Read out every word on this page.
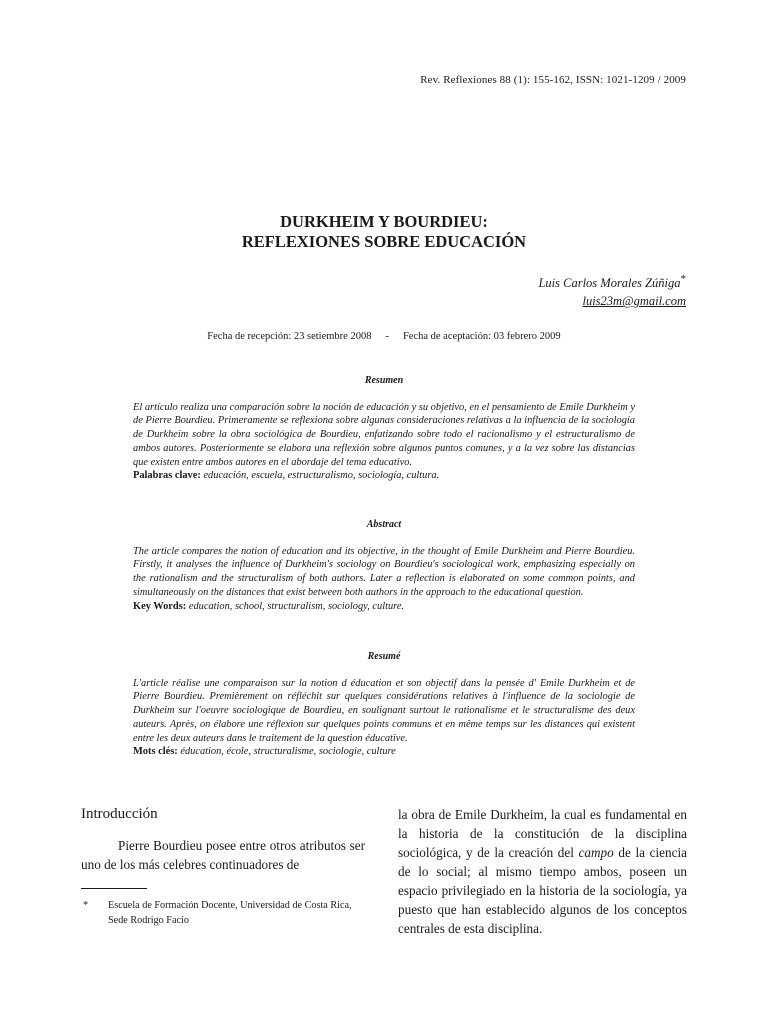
Rev. Reflexiones 88 (1): 155-162, ISSN: 1021-1209 / 2009
DURKHEIM Y BOURDIEU:
REFLEXIONES SOBRE EDUCACIÓN
Luis Carlos Morales Zúñiga*
luis23m@gmail.com
Fecha de recepción: 23 setiembre 2008 - Fecha de aceptación: 03 febrero 2009
Resumen

El artículo realiza una comparación sobre la noción de educación y su objetivo, en el pensamiento de Emile Durkheim y de Pierre Bourdieu. Primeramente se reflexiona sobre algunas consideraciones relativas a la influencia de la sociología de Durkheim sobre la obra sociológica de Bourdieu, enfatizando sobre todo el racionalismo y el estructuralismo de ambos autores. Posteriormente se elabora una reflexión sobre algunos puntos comunes, y a la vez sobre las distancias que existen entre ambos autores en el abordaje del tema educativo.

Palabras clave: educación, escuela, estructuralismo, sociología, cultura.

Abstract

The article compares the notion of education and its objective, in the thought of Emile Durkheim and Pierre Bourdieu. Firstly, it analyses the influence of Durkheim's sociology on Bourdieu's sociological work, emphasizing especially on the rationalism and the structuralism of both authors. Later a reflection is elaborated on some common points, and simultaneously on the distances that exist between both authors in the approach to the educational question.

Key Words: education, school, structuralism, sociology, culture.

Resumé

L'article réalise une comparaison sur la notion d éducation et son objectif dans la pensée d' Emile Durkheim et de Pierre Bourdieu. Premièrement on réfléchit sur quelques considérations relatives à l'influence de la sociologie de Durkheim sur l'oeuvre sociologique de Bourdieu, en soulignant surtout le rationalisme et le structuralisme des deux auteurs. Après, on élabore une réflexion sur quelques points communs et en même temps sur les distances qui existent entre les deux auteurs dans le traitement de la question éducative.

Mots clés: éducation, école, structuralisme, sociologie, culture

Introducción

Pierre Bourdieu posee entre otros atributos ser uno de los más celebres continuadores de

la obra de Emile Durkheim, la cual es fundamental en la historia de la constitución de la disciplina sociológica, y de la creación del campo de la ciencia de lo social; al mismo tiempo ambos, poseen un espacio privilegiado en la historia de la sociología, ya puesto que han establecido algunos de los conceptos centrales de esta disciplina.

* Escuela de Formación Docente, Universidad de Costa Rica, Sede Rodrigo Facio
